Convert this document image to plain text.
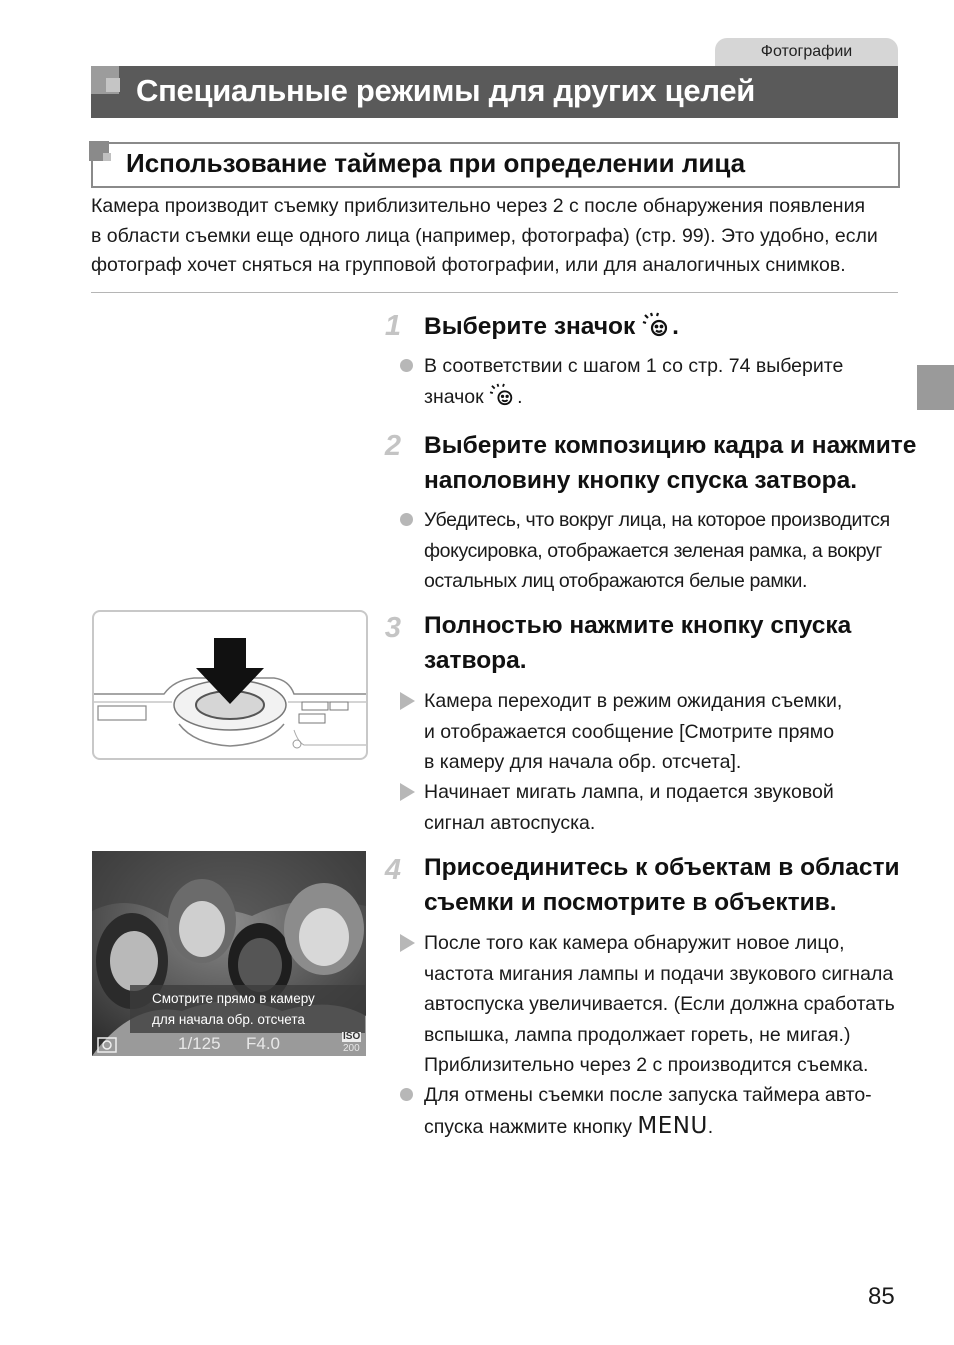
Фотографии
Специальные режимы для других целей
Использование таймера при определении лица

Камера производит съемку приблизительно через 2 с после обнаружения появления
в области съемки еще одного лица (например, фотографа) (стр. 99). Это удобно, если
фотограф хочет сняться на групповой фотографии, или для аналогичных снимков.

1 Выберите значок .
В соответствии с шагом 1 со стр. 74 выберите
значок .
2 Выберите композицию кадра и нажмите
наполовину кнопку спуска затвора.
Убедитесь, что вокруг лица, на которое производится
фокусировка, отображается зеленая рамка, а вокруг
остальных лиц отображаются белые рамки.
3 Полностью нажмите кнопку спуска
затвора.
Камера переходит в режим ожидания съемки,
и отображается сообщение [Смотрите прямо
в камеру для начала обр. отсчета].
Начинает мигать лампа, и подается звуковой
сигнал автоспуска.
Смотрите прямо в камеру
для начала обр. отсчета
1/125 F4.0	ISO
200
4 Присоединитесь к объектам в области
съемки и посмотрите в объектив.
После того как камера обнаружит новое лицо,
частота мигания лампы и подачи звукового сигнала
автоспуска увеличивается. (Если должна сработать
вспышка, лампа продолжает гореть, не мигая.)
Приблизительно через 2 с производится съемка.
Для отмены съемки после запуска таймера авто-
спуска нажмите кнопку MENU.
85
